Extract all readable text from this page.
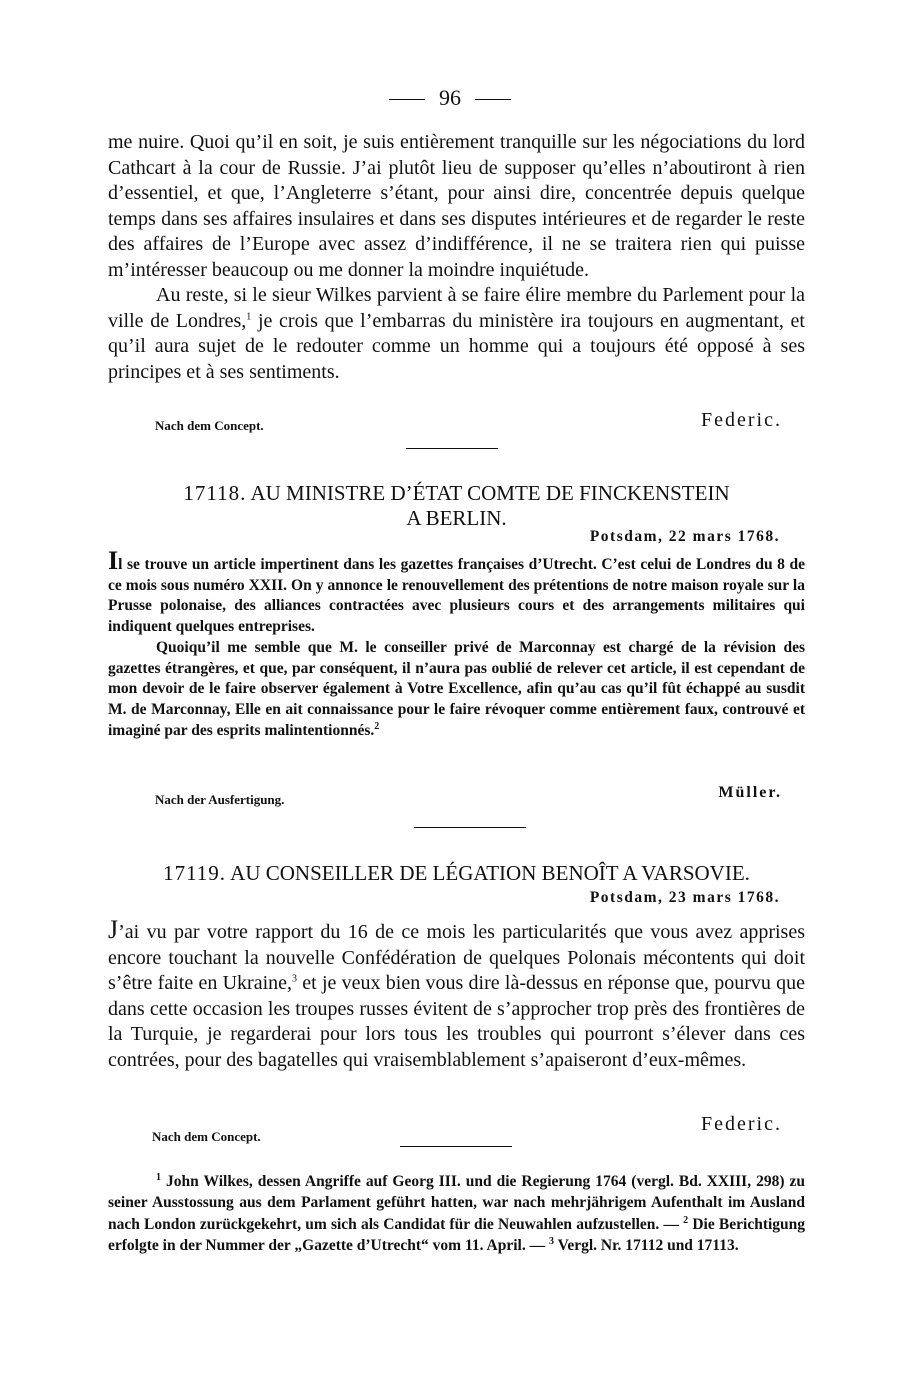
96

me nuire. Quoi qu’il en soit, je suis entièrement tranquille sur les négociations du lord Cathcart à la cour de Russie. J’ai plutôt lieu de supposer qu’elles n’aboutiront à rien d’essentiel, et que, l’Angleterre s’étant, pour ainsi dire, concentrée depuis quelque temps dans ses affaires insulaires et dans ses disputes intérieures et de regarder le reste des affaires de l’Europe avec assez d’indifférence, il ne se traitera rien qui puisse m’intéresser beaucoup ou me donner la moindre inquiétude.

Au reste, si le sieur Wilkes parvient à se faire élire membre du Parlement pour la ville de Londres,$^1$ je crois que l’embarras du ministère ira toujours en augmentant, et qu’il aura sujet de le redouter comme un homme qui a toujours été opposé à ses principes et à ses sentiments.

Nach dem Concept.	Federic.
17118. AU MINISTRE D’ÉTAT COMTE DE FINCKENSTEIN
A BERLIN.
Potsdam, 22 mars 1768.

Il se trouve un article impertinent dans les gazettes françaises d’Utrecht. C’est celui de Londres du 8 de ce mois sous numéro XXII. On y annonce le renouvellement des prétentions de notre maison royale sur la Prusse polonaise, des alliances contractées avec plusieurs cours et des arrangements militaires qui indiquent quelques entreprises.

Quoiqu’il me semble que M. le conseiller privé de Marconnay est chargé de la révision des gazettes étrangères, et que, par conséquent, il n’aura pas oublié de relever cet article, il est cependant de mon devoir de le faire observer également à Votre Excellence, afin qu’au cas qu’il fût échappé au susdit M. de Marconnay, Elle en ait connaissance pour le faire révoquer comme entièrement faux, controuvé et imaginé par des esprits malintentionnés.$^2$

Nach der Ausfertigung.	Müller.
17119. AU CONSEILLER DE LÉGATION BENOÎT A VARSOVIE.
Potsdam, 23 mars 1768.

J’ai vu par votre rapport du 16 de ce mois les particularités que vous avez apprises encore touchant la nouvelle Confédération de quelques Polonais mécontents qui doit s’être faite en Ukraine,$^3$ et je veux bien vous dire là-dessus en réponse que, pourvu que dans cette occasion les troupes russes évitent de s’approcher trop près des frontières de la Turquie, je regarderai pour lors tous les troubles qui pourront s’élever dans ces contrées, pour des bagatelles qui vraisemblablement s’apaiseront d’eux-mêmes.

Nach dem Concept.
Federic.

$^1$ John Wilkes, dessen Angriffe auf Georg III. und die Regierung 1764 (vergl. Bd. XXIII, 298) zu seiner Ausstossung aus dem Parlament geführt hatten, war nach mehrjährigem Aufenthalt im Ausland nach London zurückgekehrt, um sich als Candidat für die Neuwahlen aufzustellen. — $^2$ Die Berichtigung erfolgte in der Nummer der „Gazette d’Utrecht“ vom 11. April. — $^3$ Vergl. Nr. 17112 und 17113.
